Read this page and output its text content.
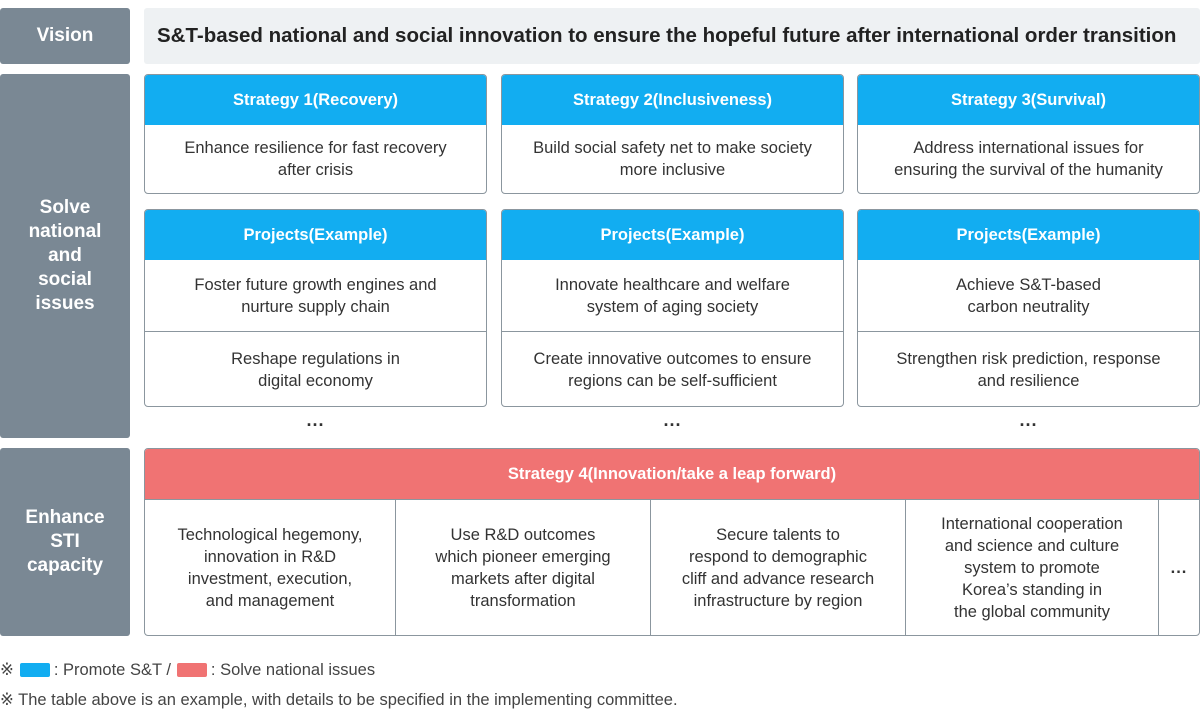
Vision	S&T-based national and social innovation to ensure the hopeful future after international order transition
Solve
national
and
social
issues
Strategy 1(Recovery)
Enhance resilience for fast recovery
after crisis
Projects(Example)
Foster future growth engines and
nurture supply chain
Reshape regulations in
digital economy
...
Strategy 2(Inclusiveness)
Build social safety net to make society
more inclusive
Projects(Example)
Innovate healthcare and welfare
system of aging society
Create innovative outcomes to ensure
regions can be self-sufficient
...
Strategy 3(Survival)
Address international issues for
ensuring the survival of the humanity
Projects(Example)
Achieve S&T-based
carbon neutrality
Strengthen risk prediction, response
and resilience
...
Enhance
STI
capacity
Strategy 4(Innovation/take a leap forward)
Technological hegemony,
innovation in R&D
investment, execution,
and management
Use R&D outcomes
which pioneer emerging
markets after digital
transformation
Secure talents to
respond to demographic
cliff and advance research
infrastructure by region
International cooperation
and science and culture
system to promote
Korea’s standing in
the global community
...
※ : Promote S&T / : Solve national issues
※ The table above is an example, with details to be specified in the implementing committee.
